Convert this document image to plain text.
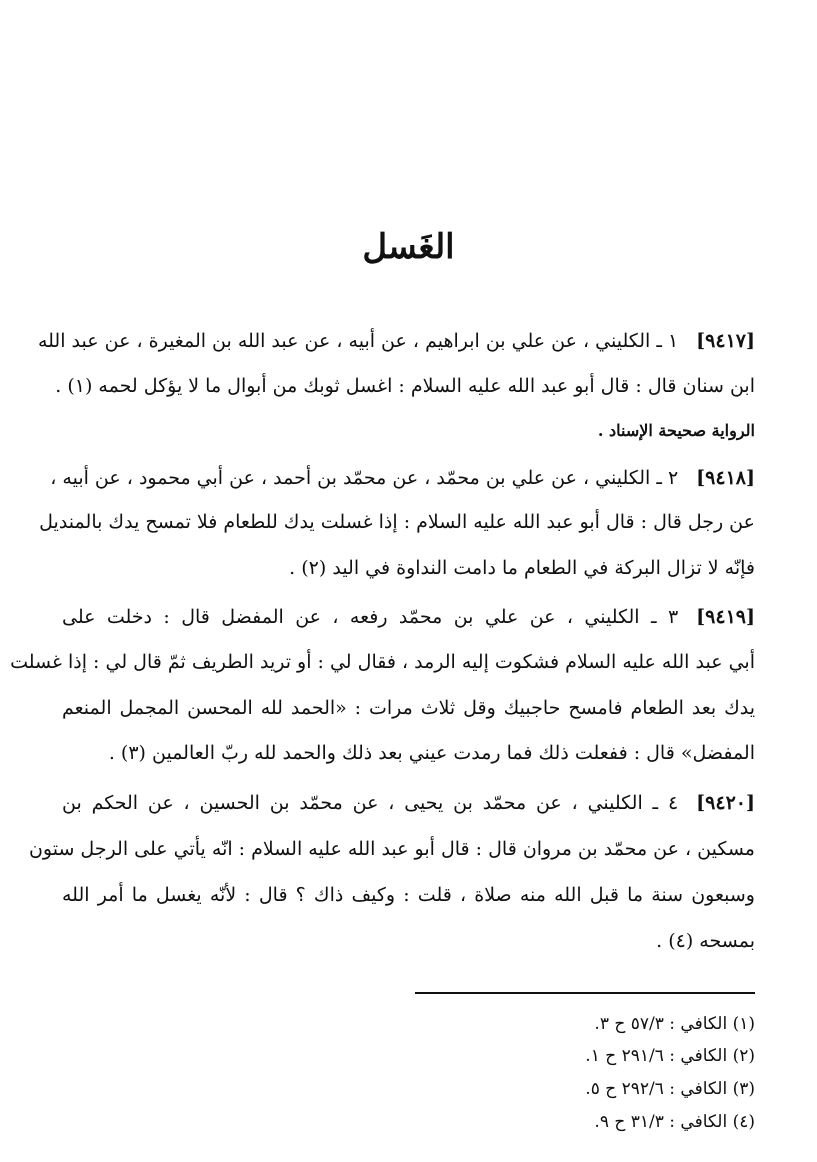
الغَسل
[٩٤١٧]١ ـ الكليني ، عن علي بن ابراهيم ، عن أبيه ، عن عبد الله بن المغيرة ، عن عبد الله
ابن سنان قال : قال أبو عبد الله عليه السلام : اغسل ثوبك من أبوال ما لا يؤكل لحمه (١) .
الرواية صحيحة الإسناد .
[٩٤١٨]٢ ـ الكليني ، عن علي بن محمّد ، عن محمّد بن أحمد ، عن أبي محمود ، عن أبيه ،
عن رجل قال : قال أبو عبد الله عليه السلام : إذا غسلت يدك للطعام فلا تمسح يدك بالمنديل
فإنّه لا تزال البركة في الطعام ما دامت النداوة في اليد (٢) .
[٩٤١٩]٣ ـ الكليني ، عن علي بن محمّد رفعه ، عن المفضل قال : دخلت على
أبي عبد الله عليه السلام فشكوت إليه الرمد ، فقال لي : أو تريد الطريف ثمّ قال لي : إذا غسلت
يدك بعد الطعام فامسح حاجبيك وقل ثلاث مرات : «الحمد لله المحسن المجمل المنعم
المفضل» قال : ففعلت ذلك فما رمدت عيني بعد ذلك والحمد لله ربّ العالمين (٣) .
[٩٤٢٠]٤ ـ الكليني ، عن محمّد بن يحيى ، عن محمّد بن الحسين ، عن الحكم بن
مسكين ، عن محمّد بن مروان قال : قال أبو عبد الله عليه السلام : انّه يأتي على الرجل ستون
وسبعون سنة ما قبل الله منه صلاة ، قلت : وكيف ذاك ؟ قال : لأنّه يغسل ما أمر الله
بمسحه (٤) .
(١) الكافي : ٥٧/٣ ح ٣.
(٢) الكافي : ٢٩١/٦ ح ١.
(٣) الكافي : ٢٩٢/٦ ح ٥.
(٤) الكافي : ٣١/٣ ح ٩.
